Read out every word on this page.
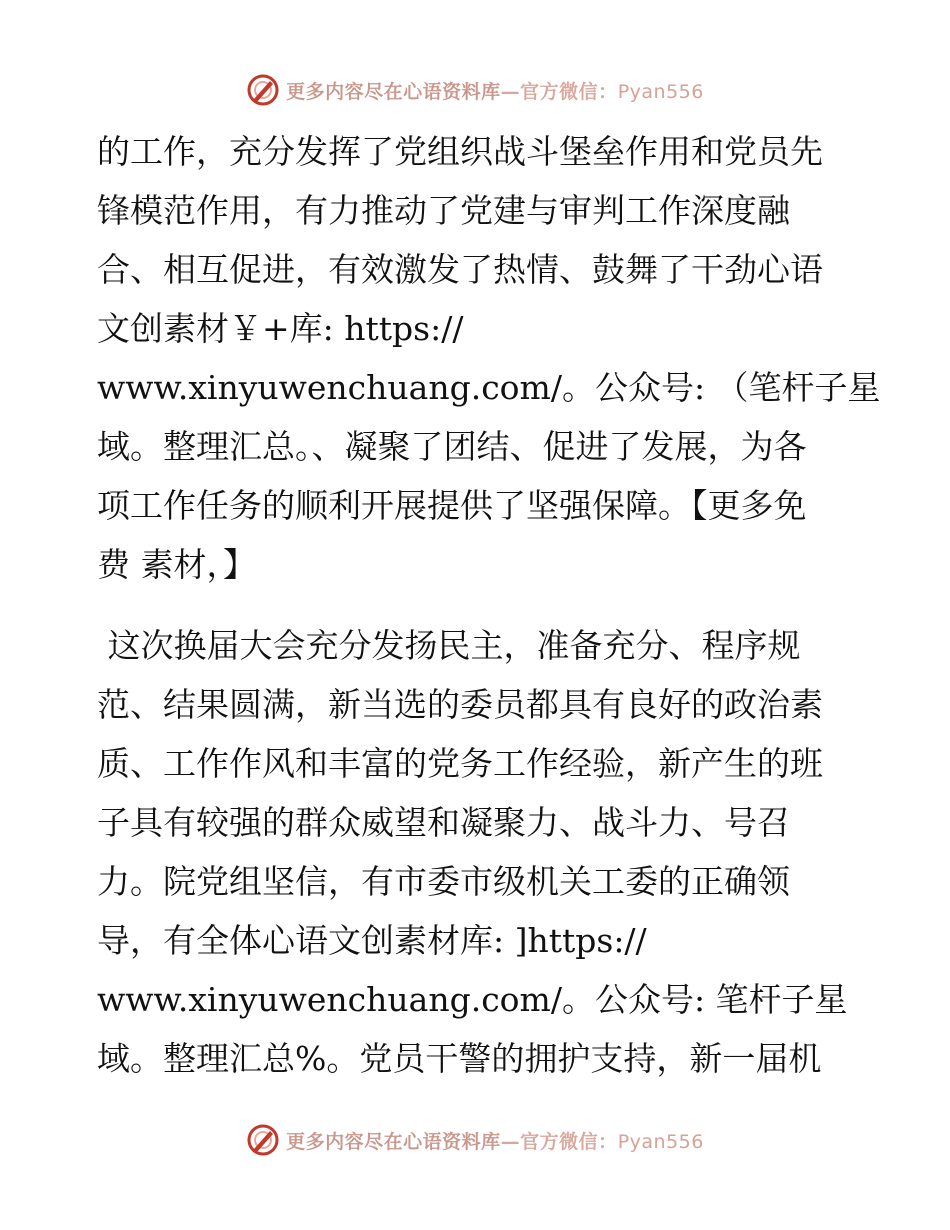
更多内容尽在心语资料库—官方微信：Pyan556
的工作，充分发挥了党组织战斗堡垒作用和党员先
锋模范作用，有力推动了党建与审判工作深度融
合、相互促进，有效激发了热情、鼓舞了干劲心语
文创素材￥+库: https://
www.xinyuwenchuang.com/。公众号: （笔杆子星
域。整理汇总。、凝聚了团结、促进了发展，为各
项工作任务的顺利开展提供了坚强保障。【更多免
费 素材，】
这次换届大会充分发扬民主，准备充分、程序规
范、结果圆满，新当选的委员都具有良好的政治素
质、工作作风和丰富的党务工作经验，新产生的班
子具有较强的群众威望和凝聚力、战斗力、号召
力。院党组坚信，有市委市级机关工委的正确领
导，有全体心语文创素材库: ]https://
www.xinyuwenchuang.com/。公众号: 笔杆子星
域。整理汇总%。党员干警的拥护支持，新一届机
更多内容尽在心语资料库—官方微信：Pyan556
